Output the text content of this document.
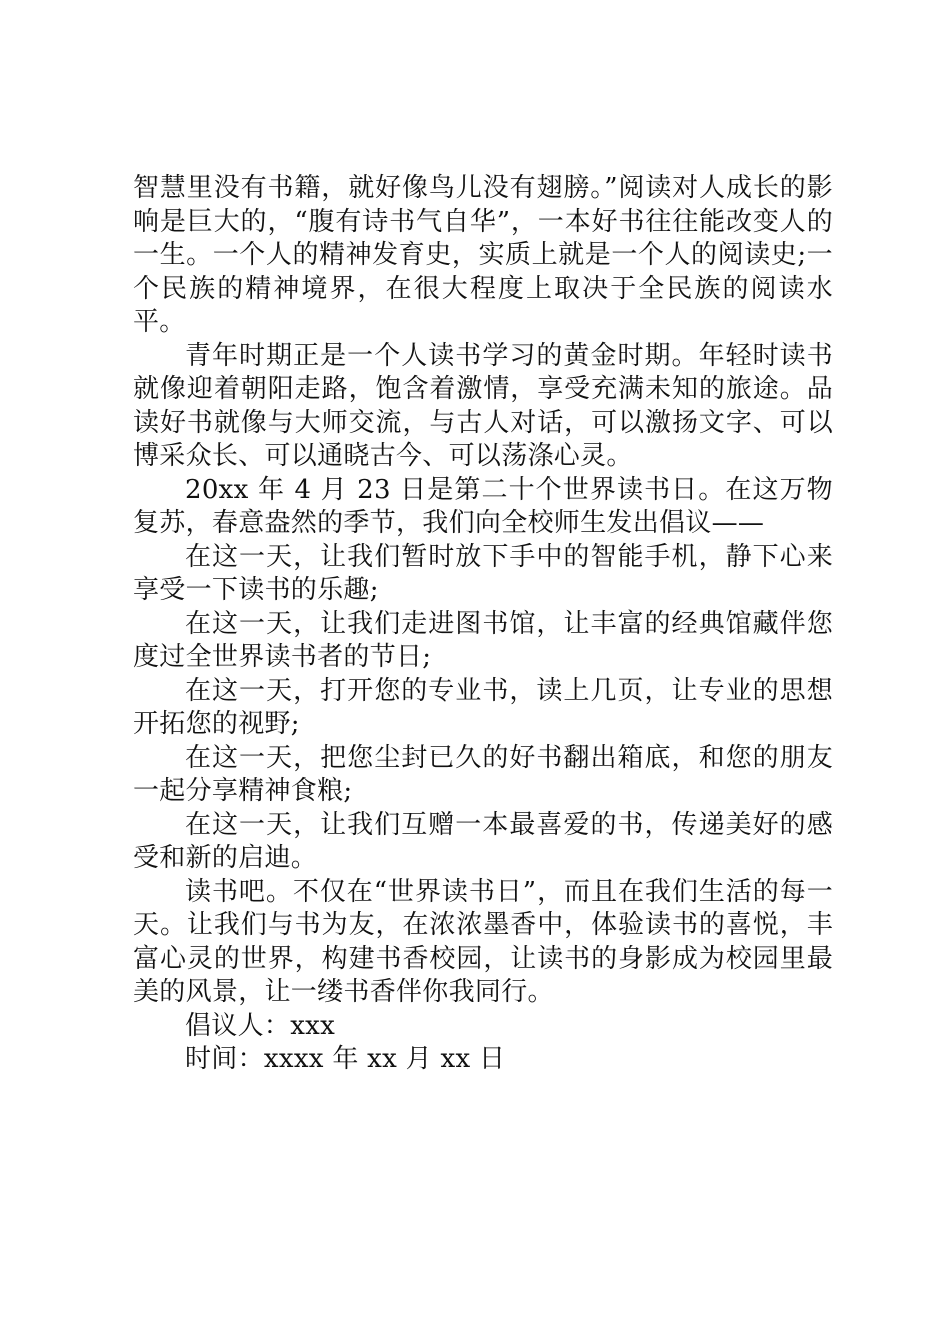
智慧里没有书籍，就好像鸟儿没有翅膀。”阅读对人成长的影响是巨大的，“腹有诗书气自华”，一本好书往往能改变人的一生。一个人的精神发育史，实质上就是一个人的阅读史;一个民族的精神境界，在很大程度上取决于全民族的阅读水平。

青年时期正是一个人读书学习的黄金时期。年轻时读书就像迎着朝阳走路，饱含着激情，享受充满未知的旅途。品读好书就像与大师交流，与古人对话，可以激扬文字、可以博采众长、可以通晓古今、可以荡涤心灵。

20xx 年 4 月 23 日是第二十个世界读书日。在这万物复苏，春意盎然的季节，我们向全校师生发出倡议——

在这一天，让我们暂时放下手中的智能手机，静下心来享受一下读书的乐趣;

在这一天，让我们走进图书馆，让丰富的经典馆藏伴您度过全世界读书者的节日;

在这一天，打开您的专业书，读上几页，让专业的思想开拓您的视野;

在这一天，把您尘封已久的好书翻出箱底，和您的朋友一起分享精神食粮;

在这一天，让我们互赠一本最喜爱的书，传递美好的感受和新的启迪。

读书吧。不仅在“世界读书日”，而且在我们生活的每一天。让我们与书为友，在浓浓墨香中，体验读书的喜悦，丰富心灵的世界，构建书香校园，让读书的身影成为校园里最美的风景，让一缕书香伴你我同行。

倡议人：xxx

时间：xxxx 年 xx 月 xx 日
